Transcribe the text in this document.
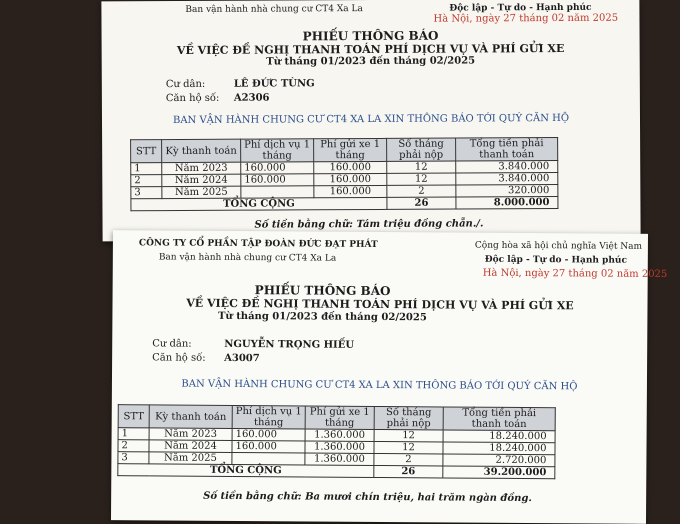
Ban vận hành nhà chung cư CT4 Xa La	Độc lập - Tự do - Hạnh phúc
Hà Nội, ngày 27 tháng 02 năm 2025
PHIẾU THÔNG BÁO
VỀ VIỆC ĐỀ NGHỊ THANH TOÁN PHÍ DỊCH VỤ VÀ PHÍ GỬI XE
Từ tháng 01/2023 đến tháng 02/2025
Cư dân:	LÊ ĐỨC TÙNG
Căn hộ số: A2306
BAN VẬN HÀNH CHUNG CƯ CT4 XA LA XIN THÔNG BÁO TỚI QUÝ CĂN HỘ
STT	Kỳ thanh toán	Phí dịch vụ 1 tháng	Phí gửi xe 1 tháng	Số tháng phải nộp	Tổng tiền phải thanh toán
1	Năm 2023	160.000	160.000	12	3.840.000
2	Năm 2024	160.000	160.000	12	3.840.000
3	Năm 2025		160.000	2	320.000
TỔNG CỘNG				26	8.000.000
Số tiền bằng chữ: Tám triệu đồng chẵn./.
CÔNG TY CỔ PHẦN TẬP ĐOÀN ĐỨC ĐẠT PHÁT
Ban vận hành nhà chung cư CT4 Xa La
Cộng hòa xã hội chủ nghĩa Việt Nam
Độc lập - Tự do - Hạnh phúc
Hà Nội, ngày 27 tháng 02 năm 2025
PHIẾU THÔNG BÁO
VỀ VIỆC ĐỀ NGHỊ THANH TOÁN PHÍ DỊCH VỤ VÀ PHÍ GỬI XE
Từ tháng 01/2023 đến tháng 02/2025
Cư dân:	NGUYỄN TRỌNG HIẾU
Căn hộ số: A3007
BAN VẬN HÀNH CHUNG CƯ CT4 XA LA XIN THÔNG BÁO TỚI QUÝ CĂN HỘ
STT	Kỳ thanh toán	Phí dịch vụ 1 tháng	Phí gửi xe 1 tháng	Số tháng phải nộp	Tổng tiền phải thanh toán
1	Năm 2023	160.000	1.360.000	12	18.240.000
2	Năm 2024	160.000	1.360.000	12	18.240.000
3	Năm 2025		1.360.000	2	2.720.000
TỔNG CỘNG				26	39.200.000
Số tiền bằng chữ: Ba mươi chín triệu, hai trăm ngàn đồng.
